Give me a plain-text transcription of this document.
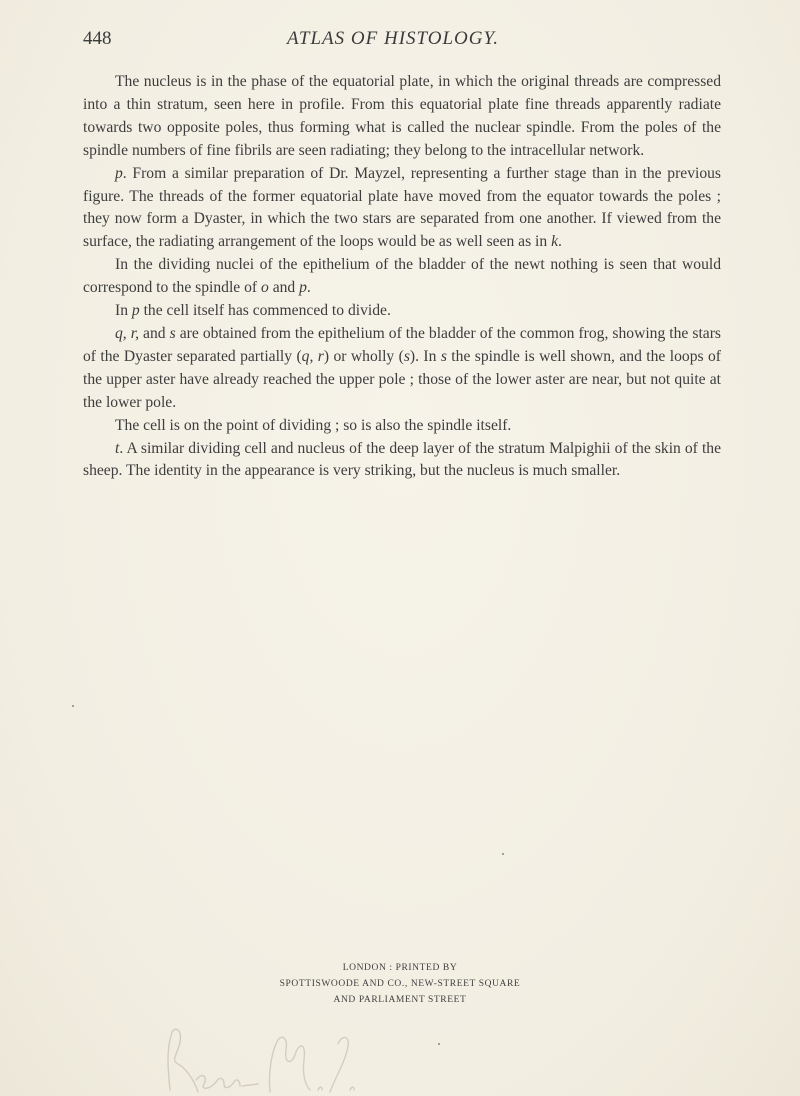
448	ATLAS OF HISTOLOGY.

The nucleus is in the phase of the equatorial plate, in which the original threads are compressed into a thin stratum, seen here in profile. From this equatorial plate fine threads apparently radiate towards two opposite poles, thus forming what is called the nuclear spindle. From the poles of the spindle numbers of fine fibrils are seen radiating; they belong to the intracellular network.

p. From a similar preparation of Dr. Mayzel, representing a further stage than in the previous figure. The threads of the former equatorial plate have moved from the equator towards the poles ; they now form a Dyaster, in which the two stars are separated from one another. If viewed from the surface, the radiating arrangement of the loops would be as well seen as in k.

In the dividing nuclei of the epithelium of the bladder of the newt nothing is seen that would correspond to the spindle of o and p.

In p the cell itself has commenced to divide.

q, r, and s are obtained from the epithelium of the bladder of the common frog, showing the stars of the Dyaster separated partially (q, r) or wholly (s). In s the spindle is well shown, and the loops of the upper aster have already reached the upper pole ; those of the lower aster are near, but not quite at the lower pole.

The cell is on the point of dividing ; so is also the spindle itself.

t. A similar dividing cell and nucleus of the deep layer of the stratum Malpighii of the skin of the sheep. The identity in the appearance is very striking, but the nucleus is much smaller.

LONDON : PRINTED BY
SPOTTISWOODE AND CO., NEW-STREET SQUARE
AND PARLIAMENT STREET
